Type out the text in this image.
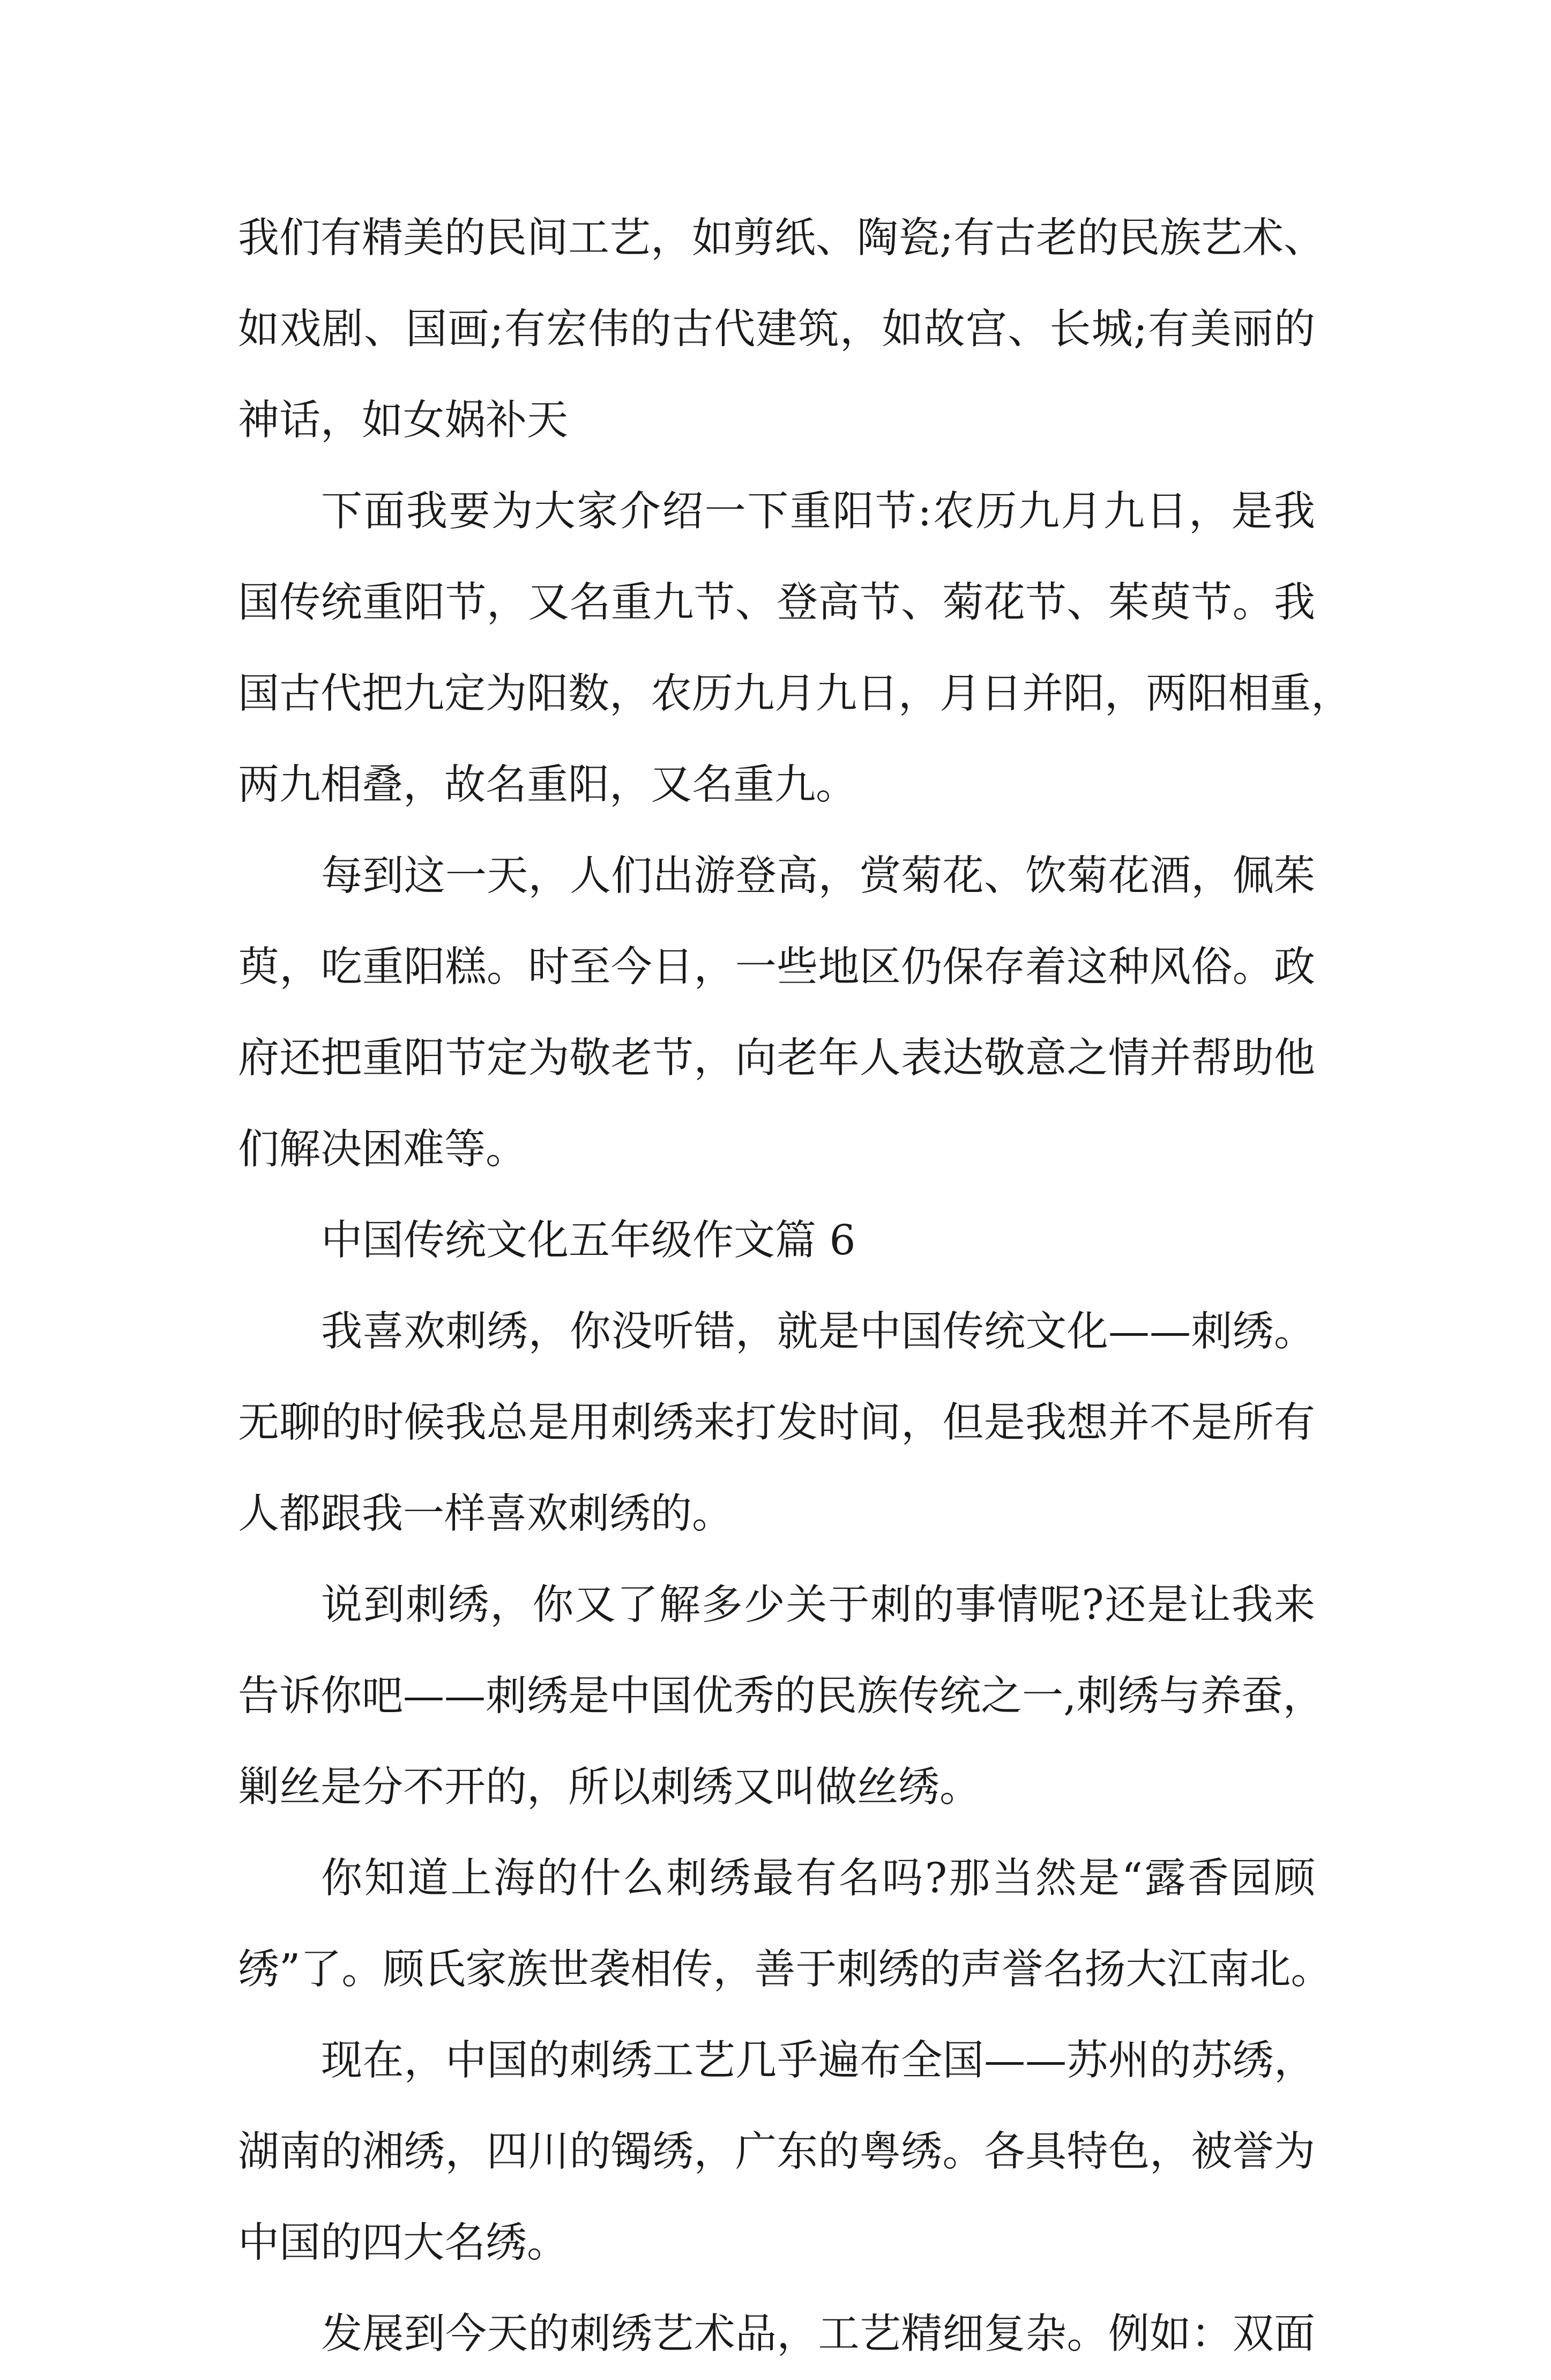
我们有精美的民间工艺，如剪纸、陶瓷;有古老的民族艺术、
如戏剧、国画;有宏伟的古代建筑，如故宫、长城;有美丽的
神话，如女娲补天
下面我要为大家介绍一下重阳节:农历九月九日，是我
国传统重阳节，又名重九节、登高节、菊花节、茱萸节。我
国古代把九定为阳数，农历九月九日，月日并阳，两阳相重，
两九相叠，故名重阳，又名重九。
每到这一天，人们出游登高，赏菊花、饮菊花酒，佩茱
萸，吃重阳糕。时至今日，一些地区仍保存着这种风俗。政
府还把重阳节定为敬老节，向老年人表达敬意之情并帮助他
们解决困难等。
中国传统文化五年级作文篇 6
我喜欢刺绣，你没听错，就是中国传统文化——刺绣。
无聊的时候我总是用刺绣来打发时间，但是我想并不是所有
人都跟我一样喜欢刺绣的。
说到刺绣，你又了解多少关于刺的事情呢?还是让我来
告诉你吧——刺绣是中国优秀的民族传统之一,刺绣与养蚕，
剿丝是分不开的，所以刺绣又叫做丝绣。
你知道上海的什么刺绣最有名吗?那当然是“露香园顾
绣”了。顾氏家族世袭相传，善于刺绣的声誉名扬大江南北。
现在，中国的刺绣工艺几乎遍布全国——苏州的苏绣，
湖南的湘绣，四川的镯绣，广东的粤绣。各具特色，被誉为
中国的四大名绣。
发展到今天的刺绣艺术品，工艺精细复杂。例如：双面
